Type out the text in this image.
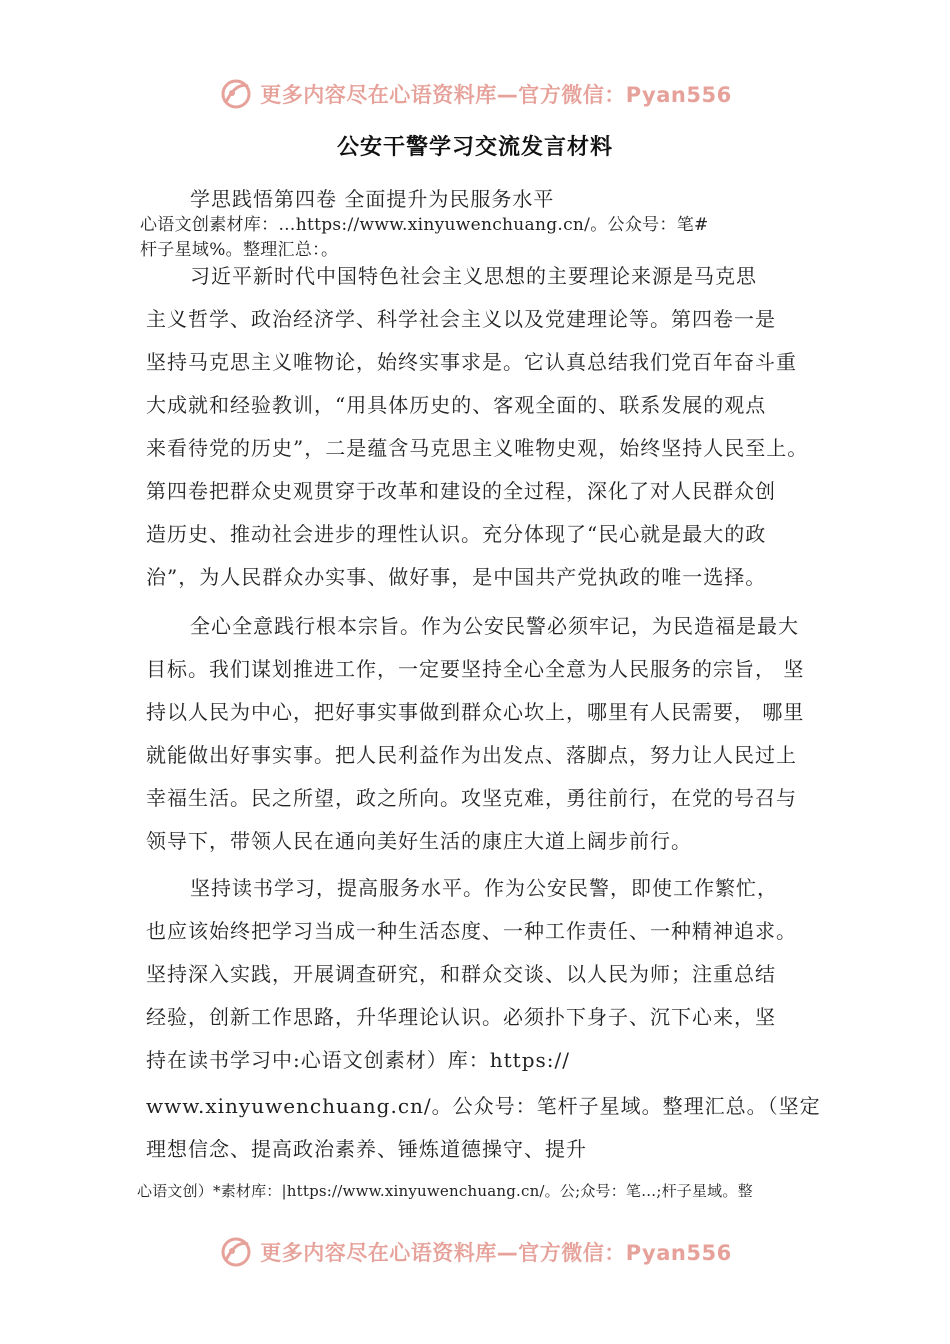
更多内容尽在心语资料库—官方微信：Pyan556
公安干警学习交流发言材料
学思践悟第四卷 全面提升为民服务水平
心语文创素材库：…https://www.xinyuwenchuang.cn/。公众号：笔#
杆子星域%。整理汇总：。
习近平新时代中国特色社会主义思想的主要理论来源是马克思
主义哲学、政治经济学、科学社会主义以及党建理论等。第四卷一是
坚持马克思主义唯物论，始终实事求是。它认真总结我们党百年奋斗重
大成就和经验教训，“用具体历史的、客观全面的、联系发展的观点
来看待党的历史”，二是蕴含马克思主义唯物史观，始终坚持人民至上。
第四卷把群众史观贯穿于改革和建设的全过程，深化了对人民群众创
造历史、推动社会进步的理性认识。充分体现了“民心就是最大的政
治”，为人民群众办实事、做好事，是中国共产党执政的唯一选择。
全心全意践行根本宗旨。作为公安民警必须牢记，为民造福是最大
目标。我们谋划推进工作，一定要坚持全心全意为人民服务的宗旨， 坚
持以人民为中心，把好事实事做到群众心坎上，哪里有人民需要， 哪里
就能做出好事实事。把人民利益作为出发点、落脚点，努力让人民过上
幸福生活。民之所望，政之所向。攻坚克难，勇往前行，在党的号召与
领导下，带领人民在通向美好生活的康庄大道上阔步前行。
坚持读书学习，提高服务水平。作为公安民警，即使工作繁忙，
也应该始终把学习当成一种生活态度、一种工作责任、一种精神追求。
坚持深入实践，开展调查研究，和群众交谈、以人民为师；注重总结
经验，创新工作思路，升华理论认识。必须扑下身子、沉下心来，坚
持在读书学习中:心语文创素材）库：https://
www.xinyuwenchuang.cn/。公众号：笔杆子星域。整理汇总。（坚定
理想信念、提高政治素养、锤炼道德操守、提升
心语文创）*素材库：|https://www.xinyuwenchuang.cn/。公;众号：笔…;杆子星域。整
更多内容尽在心语资料库—官方微信：Pyan556
